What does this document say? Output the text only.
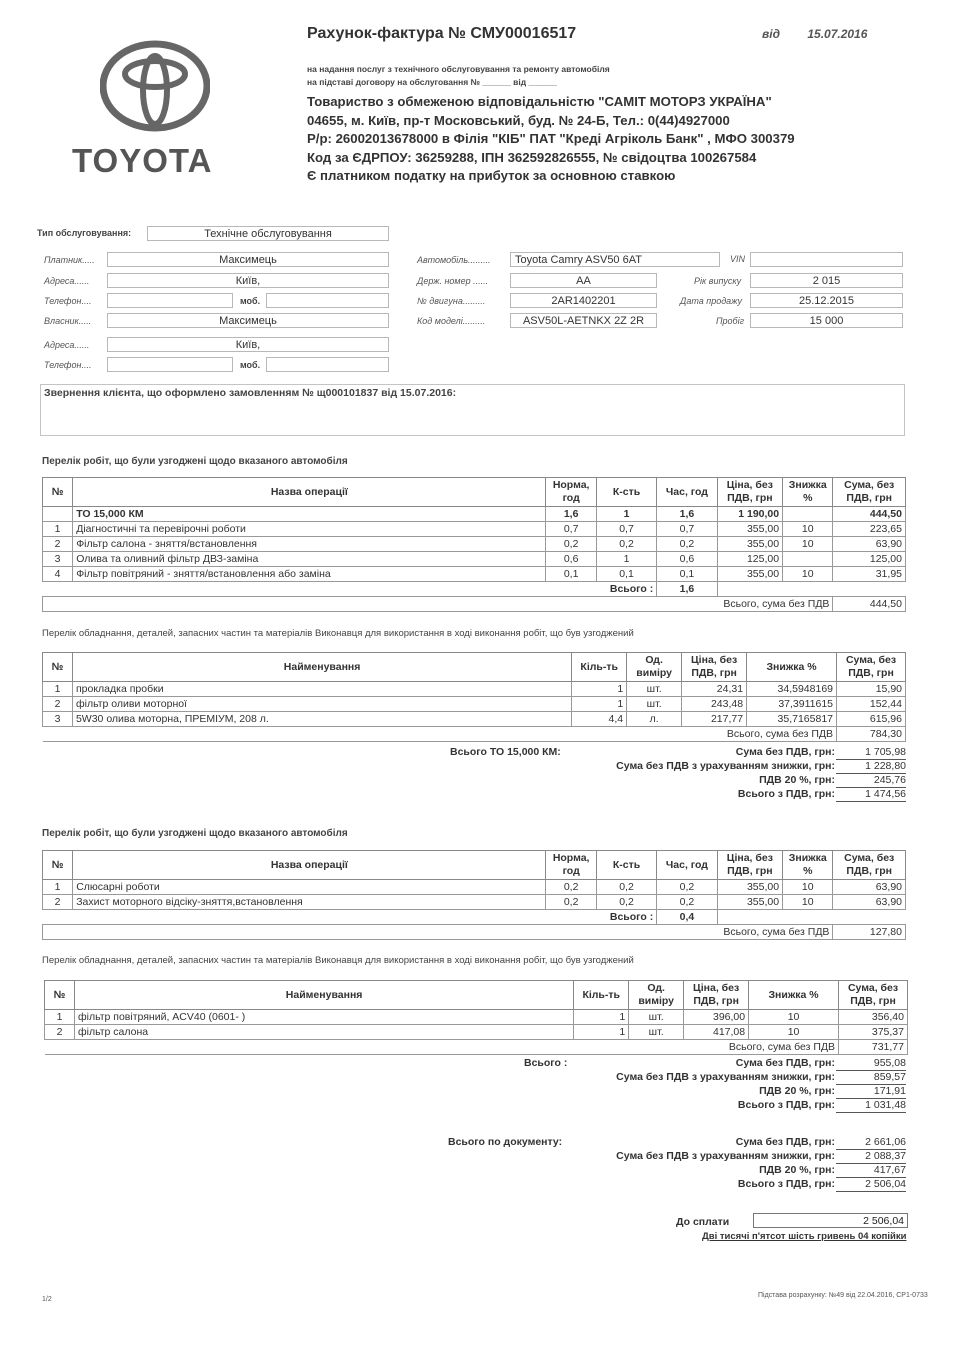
TOYOTA
Рахунок-фактура № СМУ00016517	від 15.07.2016
на надання послуг з технічного обслуговування та ремонту автомобіля
на підставі договору на обслуговання № ______ від ______
Товариство з обмеженою відповідальністю "САМІТ МОТОРЗ УКРАЇНА"
04655, м. Київ, пр-т Московський, буд. № 24-Б, Тел.: 0(44)4927000
Р/р: 26002013678000 в Філія "КІБ" ПАТ "Креді Агріколь Банк" , МФО 300379
Код за ЄДРПОУ: 36259288, ІПН 362592826555, № свідоцтва 100267584
Є платником податку на прибуток за основною ставкою
Тип обслуговування:	Технічне обслуговування
Платник.....	Максимець
Адреса......	Київ,
Телефон....	моб.
Власник.....	Максимець
Адреса......	Київ,
Телефон....	моб.
Автомобіль.........	Toyota Camry ASV50 6AT	VIN
Держ. номер ......	АА
№ двигуна.........	2AR1402201
Код моделі.........	ASV50L-AETNKX 2Z 2R
Рік випуску	2 015
Дата продажу	25.12.2015
Пробіг	15 000
Звернення клієнта, що оформлено замовленням № щ000101837 від 15.07.2016:
Перелік робіт, що були узгоджені щодо вказаного автомобіля
№	Назва операції	Норма, год	К-сть	Час, год	Ціна, без ПДВ, грн	Знижка %	Сума, без ПДВ, грн
	ТО 15,000 КМ	1,6	1	1,6	1 190,00		444,50
1	Діагностичні та перевірочні роботи	0,7	0,7	0,7	355,00	10	223,65
2	Фільтр салона - зняття/встановлення	0,2	0,2	0,2	355,00	10	63,90
3	Олива та оливний фільтр ДВЗ-заміна	0,6	1	0,6	125,00		125,00
4	Фільтр повітряний - зняття/встановлення або заміна	0,1	0,1	0,1	355,00	10	31,95
Всього :				1,6			
Всього, сума без ПДВ							444,50
Перелік обладнання, деталей, запасних частин та матеріалів Виконавця для використання в ході виконання робіт, що був узгоджений
№	Найменування	Кіль-ть	Од. виміру	Ціна, без ПДВ, грн	Знижка %	Сума, без ПДВ, грн
1	прокладка пробки	1	шт.	24,31	34,5948169	15,90
2	фільтр оливи моторної	1	шт.	243,48	37,3911615	152,44
3	5W30 олива моторна, ПРЕМІУМ, 208 л.	4,4	л.	217,77	35,7165817	615,96
Всього, сума без ПДВ						784,30
Всього ТО 15,000 КМ:	Сума без ПДВ, грн:	1 705,98
Сума без ПДВ з урахуванням знижки, грн:	1 228,80
ПДВ 20 %, грн:	245,76
Всього з ПДВ, грн:	1 474,56
Перелік робіт, що були узгоджені щодо вказаного автомобіля
№	Назва операції	Норма, год	К-сть	Час, год	Ціна, без ПДВ, грн	Знижка %	Сума, без ПДВ, грн
1	Слюсарні роботи	0,2	0,2	0,2	355,00	10	63,90
2	Захист моторного відсіку-зняття,встановлення	0,2	0,2	0,2	355,00	10	63,90
Всього :				0,4			
Всього, сума без ПДВ							127,80
Перелік обладнання, деталей, запасних частин та матеріалів Виконавця для використання в ході виконання робіт, що був узгоджений
№	Найменування	Кіль-ть	Од. виміру	Ціна, без ПДВ, грн	Знижка %	Сума, без ПДВ, грн
1	фільтр повітряний, ACV40 (0601- )	1	шт.	396,00	10	356,40
2	фільтр салона	1	шт.	417,08	10	375,37
Всього, сума без ПДВ						731,77
Всього :	Сума без ПДВ, грн:	955,08
Сума без ПДВ з урахуванням знижки, грн:	859,57
ПДВ 20 %, грн:	171,91
Всього з ПДВ, грн:	1 031,48
Всього по документу:	Сума без ПДВ, грн:	2 661,06
Сума без ПДВ з урахуванням знижки, грн:	2 088,37
ПДВ 20 %, грн:	417,67
Всього з ПДВ, грн:	2 506,04
До сплати	2 506,04
Дві тисячі п'ятсот шість гривень 04 копійки
1/2
Підстава розрахунку: №49 від 22.04.2016, СР1-0733
